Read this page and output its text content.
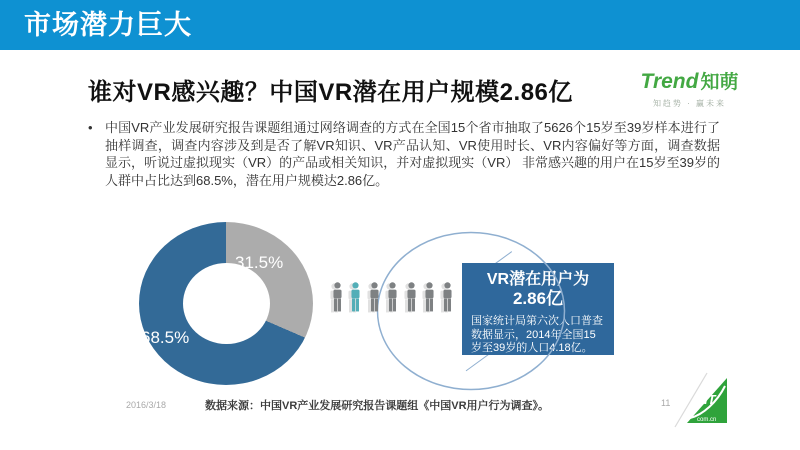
市场潜力巨大
Trend 知萌
知趋势 · 赢未来
谁对VR感兴趣？中国VR潜在用户规模2.86亿
• 中国VR产业发展研究报告课题组通过网络调查的方式在全国15个省市抽取了5626个15岁至39岁样本进行了抽样调查，调查内容涉及到是否了解VR知识、VR产品认知、VR使用时长、VR内容偏好等方面，调查数据显示，听说过虚拟现实（VR）的产品或相关知识，并对虚拟现实（VR） 非常感兴趣的用户在15岁至39岁的人群中占比达到68.5%，潜在用户规模达2.86亿。

31.5%
68.5%
VR潜在用户为
2.86亿

国家统计局第六次人口普查数据显示，2014年全国15岁至39岁的人口4.18亿。

2016/3/18	数据来源：中国VR产业发展研究报告课题组《中国VR用户行为调查》。	11	IT
com.cn
